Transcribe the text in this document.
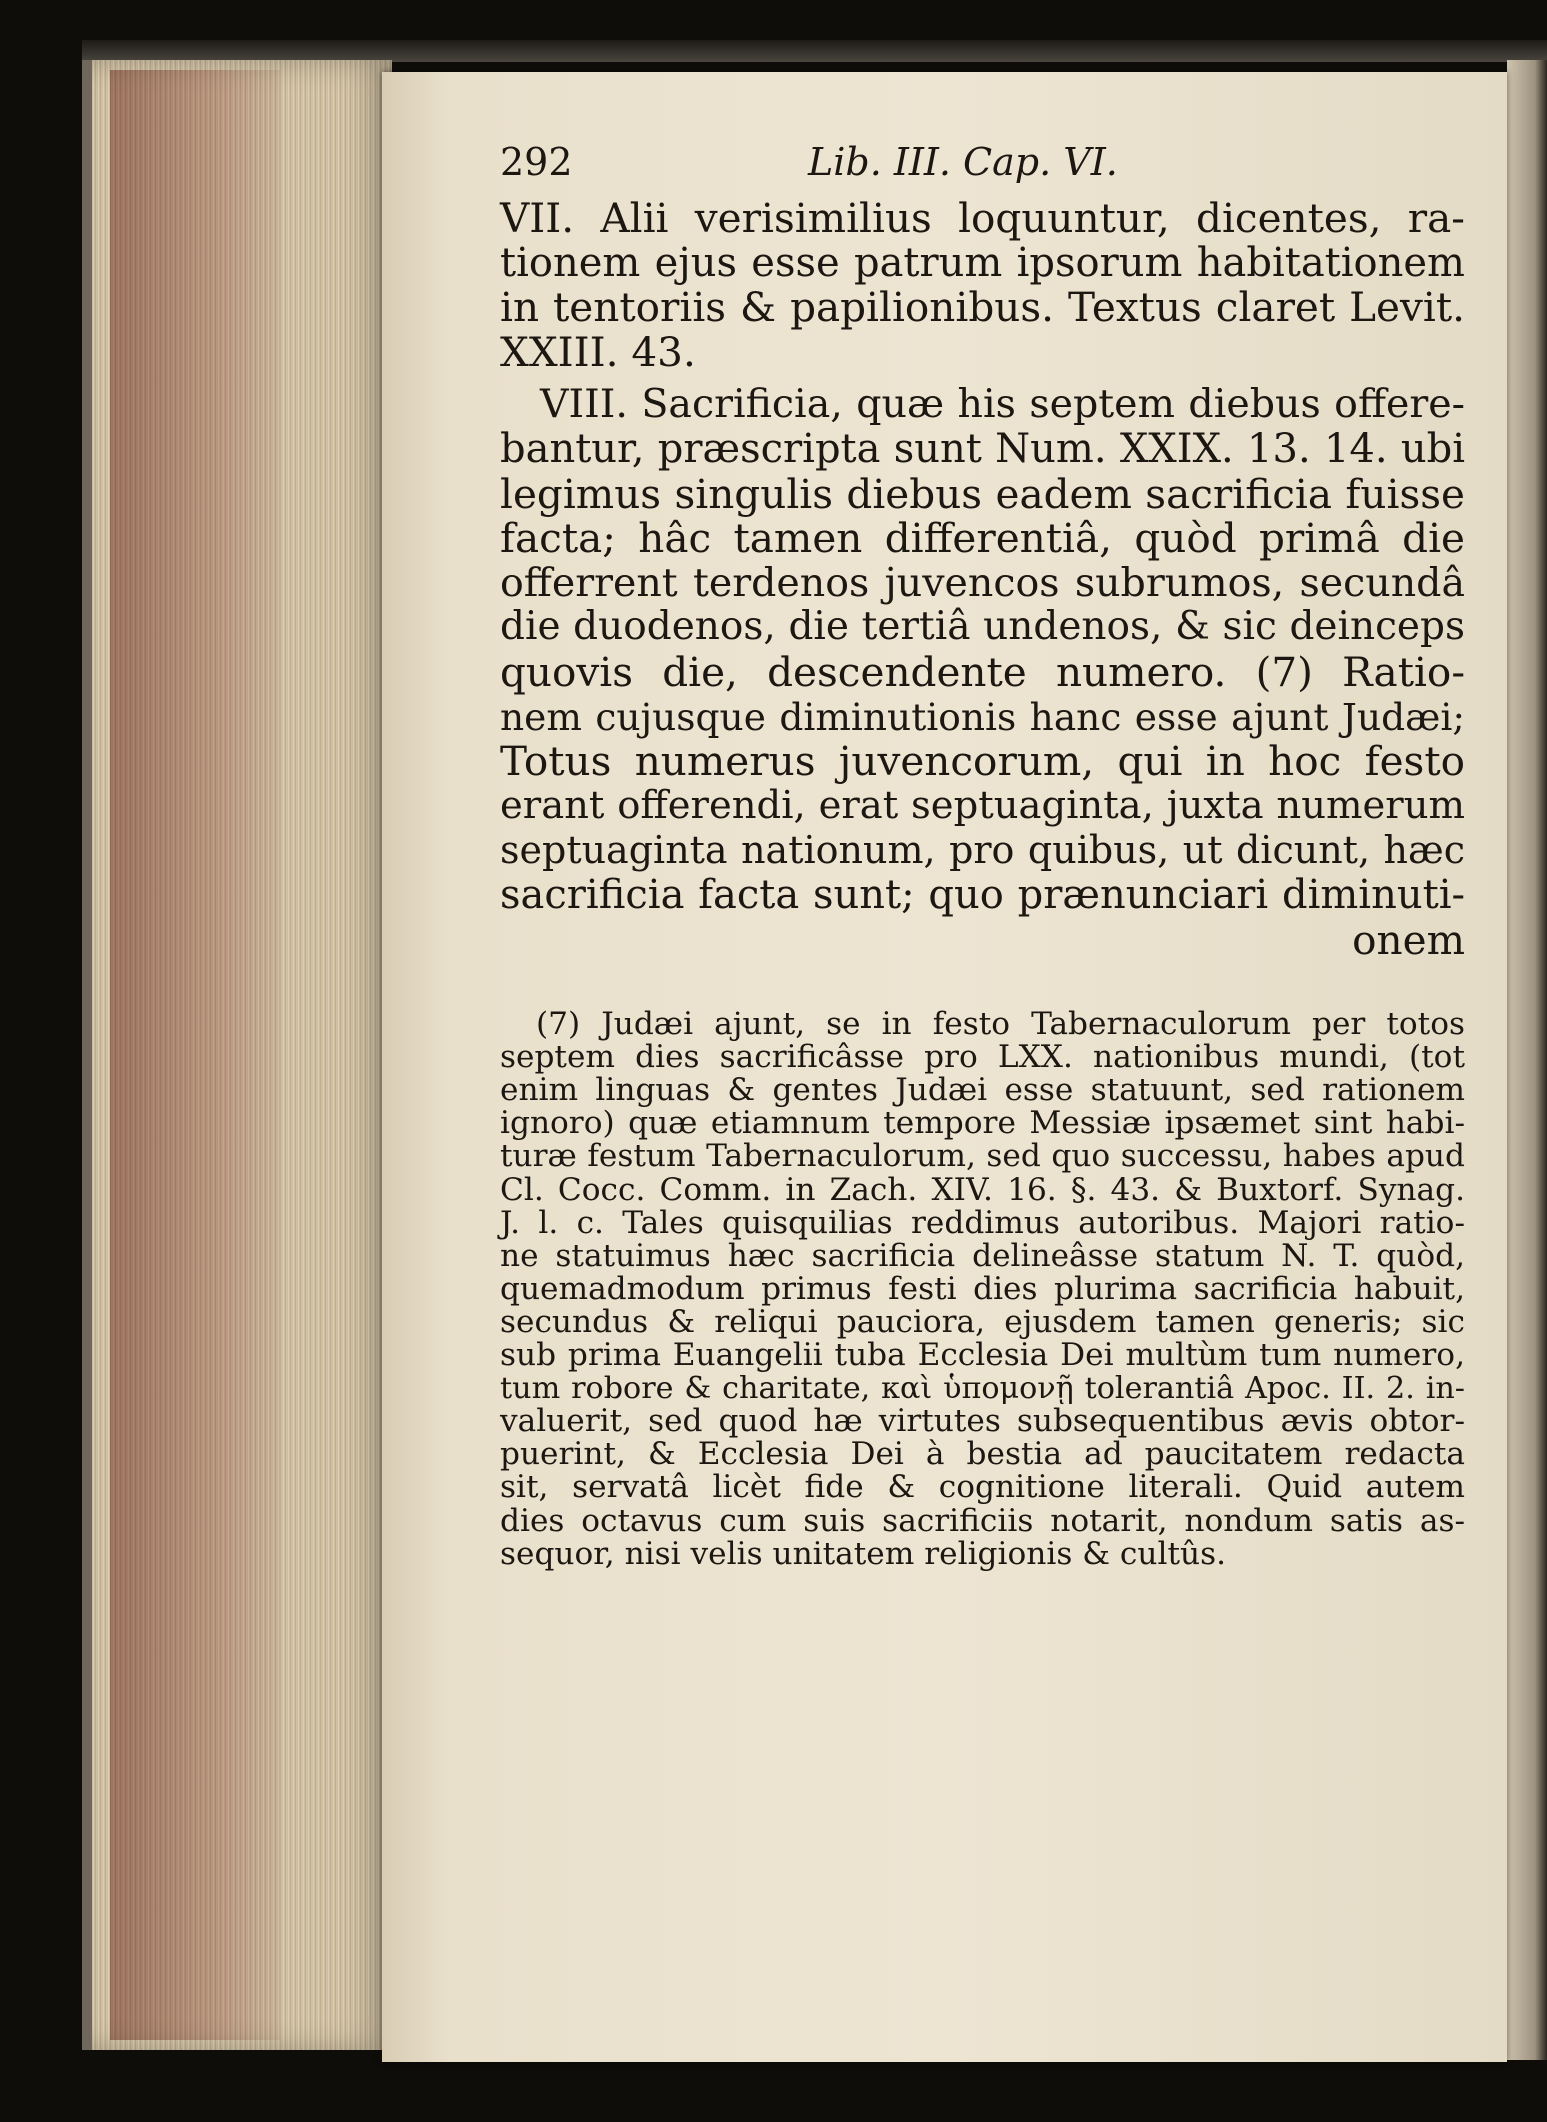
292	Lib. III. Cap. VI.
VII. Alii verisimilius loquuntur, dicentes, ra-
tionem ejus esse patrum ipsorum habitationem
in tentoriis & papilionibus. Textus claret Levit.
XXIII. 43.
VIII. Sacrificia, quæ his septem diebus offere-
bantur, præscripta sunt Num. XXIX. 13. 14. ubi
legimus singulis diebus eadem sacrificia fuisse
facta; hâc tamen differentiâ, quòd primâ die
offerrent terdenos juvencos subrumos, secundâ
die duodenos, die tertiâ undenos, & sic deinceps
quovis die, descendente numero. (7) Ratio-
nem cujusque diminutionis hanc esse ajunt Judæi;
Totus numerus juvencorum, qui in hoc festo
erant offerendi, erat septuaginta, juxta numerum
septuaginta nationum, pro quibus, ut dicunt, hæc
sacrificia facta sunt; quo prænunciari diminuti-
onem
(7) Judæi ajunt, se in festo Tabernaculorum per totos
septem dies sacrificâsse pro LXX. nationibus mundi, (tot
enim linguas & gentes Judæi esse statuunt, sed rationem
ignoro) quæ etiamnum tempore Messiæ ipsæmet sint habi-
turæ festum Tabernaculorum, sed quo successu, habes apud
Cl. Cocc. Comm. in Zach. XIV. 16. §. 43. & Buxtorf. Synag.
J. l. c. Tales quisquilias reddimus autoribus. Majori ratio-
ne statuimus hæc sacrificia delineâsse statum N. T. quòd,
quemadmodum primus festi dies plurima sacrificia habuit,
secundus & reliqui pauciora, ejusdem tamen generis; sic
sub prima Euangelii tuba Ecclesia Dei multùm tum numero,
tum robore & charitate, καὶ ὑπομονῇ tolerantiâ Apoc. II. 2. in-
valuerit, sed quod hæ virtutes subsequentibus ævis obtor-
puerint, & Ecclesia Dei à bestia ad paucitatem redacta
sit, servatâ licèt fide & cognitione literali. Quid autem
dies octavus cum suis sacrificiis notarit, nondum satis as-
sequor, nisi velis unitatem religionis & cultûs.
